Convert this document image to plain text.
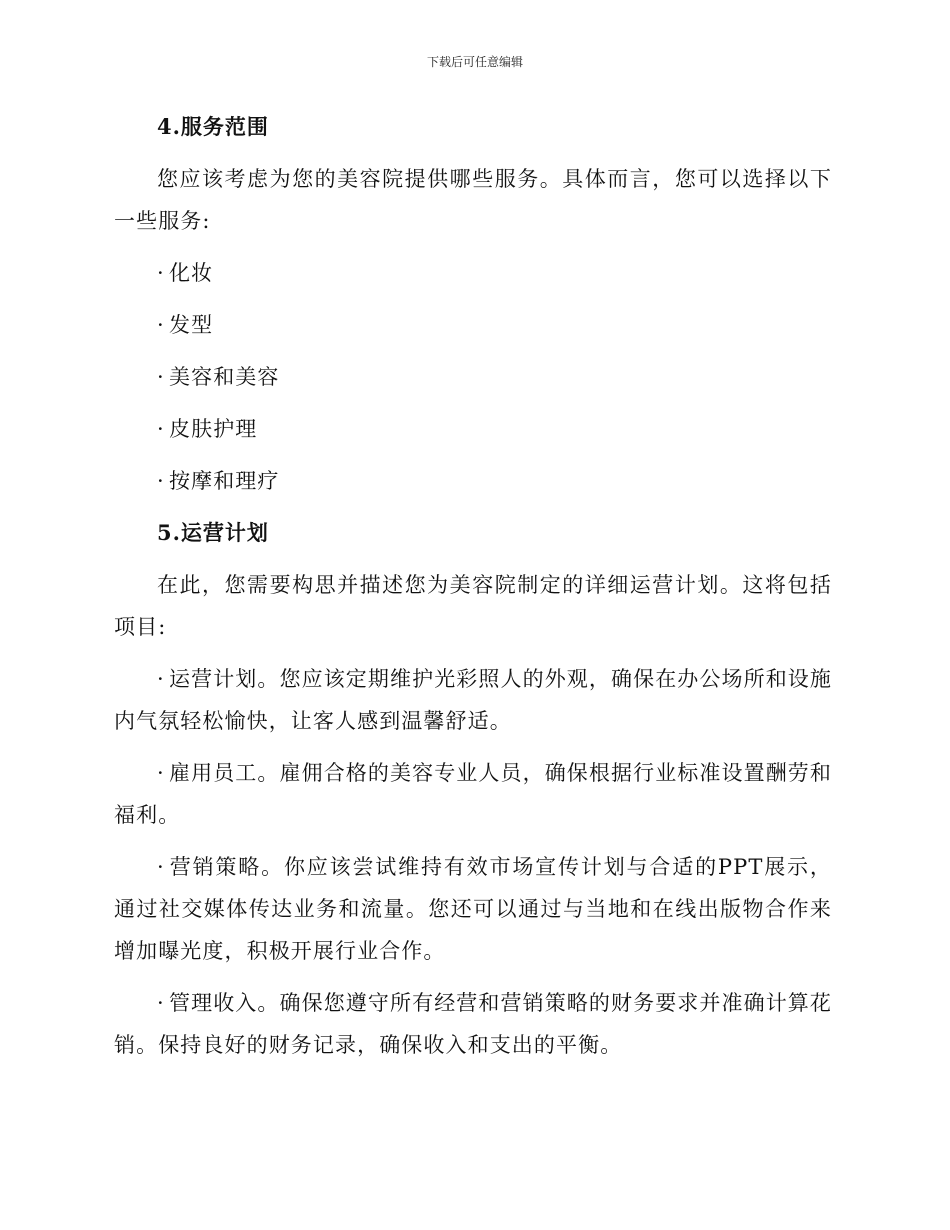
下载后可任意编辑
4.服务范围

您应该考虑为您的美容院提供哪些服务。具体而言，您可以选择以下一些服务:

· 化妆
· 发型
· 美容和美容
· 皮肤护理
· 按摩和理疗
5.运营计划

在此，您需要构思并描述您为美容院制定的详细运营计划。这将包括项目:

· 运营计划。您应该定期维护光彩照人的外观，确保在办公场所和设施内气氛轻松愉快，让客人感到温馨舒适。

· 雇用员工。雇佣合格的美容专业人员，确保根据行业标准设置酬劳和福利。

· 营销策略。你应该尝试维持有效市场宣传计划与合适的PPT展示，通过社交媒体传达业务和流量。您还可以通过与当地和在线出版物合作来增加曝光度，积极开展行业合作。

· 管理收入。确保您遵守所有经营和营销策略的财务要求并准确计算花销。保持良好的财务记录，确保收入和支出的平衡。
